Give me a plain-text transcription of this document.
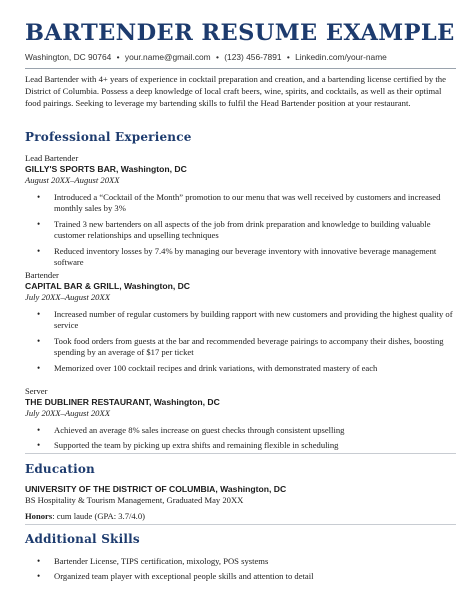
BARTENDER RESUME EXAMPLE
Washington, DC 90764 • your.name@gmail.com • (123) 456-7891 • Linkedin.com/your-name

Lead Bartender with 4+ years of experience in cocktail preparation and creation, and a bartending license certified by the District of Columbia. Possess a deep knowledge of local craft beers, wine, spirits, and cocktails, as well as their optimal food pairings. Seeking to leverage my bartending skills to fulfil the Head Bartender position at your restaurant.

Professional Experience
Lead Bartender
GILLY'S SPORTS BAR, Washington, DC
August 20XX–August 20XX
• Introduced a “Cocktail of the Month” promotion to our menu that was well received by customers and increased monthly sales by 3%
• Trained 3 new bartenders on all aspects of the job from drink preparation and knowledge to building valuable customer relationships and upselling techniques
• Reduced inventory losses by 7.4% by managing our beverage inventory with innovative beverage management software
Bartender
CAPITAL BAR & GRILL, Washington, DC
July 20XX–August 20XX
• Increased number of regular customers by building rapport with new customers and providing the highest quality of service
• Took food orders from guests at the bar and recommended beverage pairings to accompany their dishes, boosting spending by an average of $17 per ticket
• Memorized over 100 cocktail recipes and drink variations, with demonstrated mastery of each
Server
THE DUBLINER RESTAURANT, Washington, DC
July 20XX–August 20XX
• Achieved an average 8% sales increase on guest checks through consistent upselling
• Supported the team by picking up extra shifts and remaining flexible in scheduling
Education
UNIVERSITY OF THE DISTRICT OF COLUMBIA, Washington, DC
BS Hospitality & Tourism Management, Graduated May 20XX
Honors: cum laude (GPA: 3.7/4.0)
Additional Skills
• Bartender License, TIPS certification, mixology, POS systems
• Organized team player with exceptional people skills and attention to detail
